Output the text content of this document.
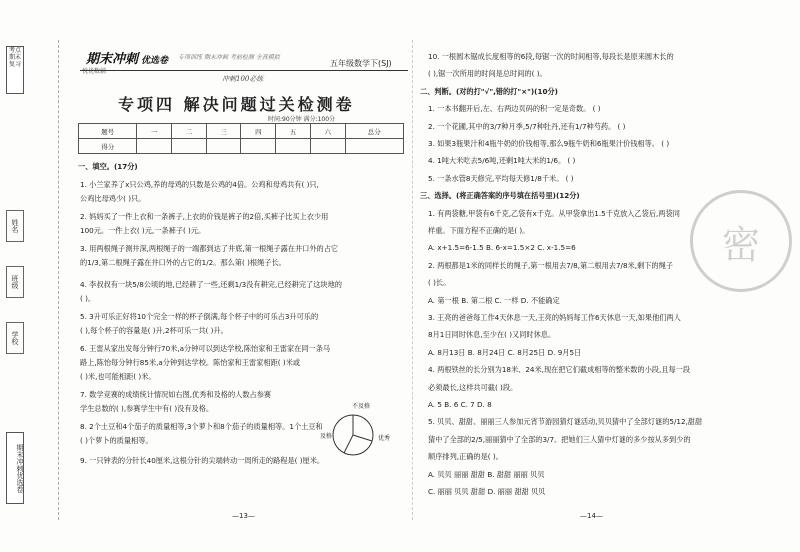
考点期末复习
姓名
班级
学校
期末冲刺优选卷
期末冲刺 优选卷
悦优数辅
专项训练 期末冲刺 考前检测 全真模拟
五年级数学下(SJ)
冲刺100必练
专项四 解决问题过关检测卷
时间:90分钟 满分:100分
题号	一	二	三	四	五	六	总分
得分							
一、填空。(17分)
1. 小兰家养了x只公鸡,养的母鸡的只数是公鸡的4倍。公鸡和母鸡共有( )只,
公鸡比母鸡少( )只。
2. 妈妈买了一件上衣和一条裤子,上衣的价钱是裤子的2倍,买裤子比买上衣少用
100元。一件上衣( )元,一条裤子( )元。
3. 用两根绳子测井深,两根绳子的一端都到达了井底,第一根绳子露在井口外的占它
的1/3,第二根绳子露在井口外的占它的1/2。那么第( )根绳子长。
4. 李叔叔有一块5/8公顷的地,已经耕了一些,还剩1/3没有耕完,已经耕完了这块地的
( )。
5. 3升可乐正好将10个完全一样的杯子倒满,每个杯子中的可乐占3升可乐的
( ),每个杯子的容量是( )升,2杯可乐一共( )升。
6. 王雷从家出发每分钟行70米,a分钟可以到达学校,陈怡家和王雷家在同一条马
路上,陈怡每分钟行85米,a分钟到达学校。陈怡家和王雷家相距( )米或
( )米,也可能相距( )米。
7. 数学竞赛的成绩统计情况如右图,优秀和及格的人数占参赛
学生总数的( ),参赛学生中有( )没有及格。
8. 2个土豆和4个茄子的质量相等,3个萝卜和8个茄子的质量相等。1个土豆和
( )个萝卜的质量相等。
9. 一只钟表的分针长40厘米,这根分针的尖端转动一周所走的路程是( )厘米。
不及格
及格	优秀
—13—
10. 一根圆木锯成长度相等的6段,每锯一次的时间相等,每段长是原来圆木长的
( ),锯一次所用的时间是总时间的( )。
二、判断。(对的打"√",错的打"×")(10分)
1. 一本书翻开后,左、右两边页码的积一定是奇数。 ( )
2. 一个花圃,其中的3/7种月季,5/7种牡丹,还有1/7种芍药。 ( )
3. 如果3瓶果汁和4瓶牛奶的价钱相等,那么9瓶牛奶和6瓶果汁价钱相等。 ( )
4. 1吨大米吃去5/6吨,还剩1吨大米的1/6。 ( )
5. 一条水管8天修完,平均每天修1/8千米。 ( )
三、选择。(将正确答案的序号填在括号里)(12分)
1. 有两袋糖,甲袋有6千克,乙袋有x千克。从甲袋拿出1.5千克放入乙袋后,两袋同
样重。下面方程不正确的是( )。
A. x+1.5=6-1.5 B. 6-x=1.5×2 C. x-1.5=6
2. 两根都是1米的同样长的绳子,第一根用去7/8,第二根用去7/8米,剩下的绳子
( )长。
A. 第一根 B. 第二根 C. 一样 D. 不能确定
3. 王亮的爸爸每工作4天休息一天,王亮的妈妈每工作6天休息一天,如果他们两人
8月1日同时休息,至少在( )又同时休息。
A. 8月13日 B. 8月24日 C. 8月25日 D. 9月5日
4. 两根铁丝的长分别为18米、24米,现在把它们截成相等的整米数的小段,且每一段
必须最长,这样共可截( )段。
A. 5 B. 6 C. 7 D. 8
5. 贝贝、甜甜、丽丽三人参加元宵节游园猜灯谜活动,贝贝猜中了全部灯谜的5/12,甜甜
猜中了全部的2/5,丽丽猜中了全部的3/7。把她们三人猜中灯谜的多少按从多到少的
顺序排列,正确的是( )。
A. 贝贝 丽丽 甜甜 B. 甜甜 丽丽 贝贝
C. 丽丽 贝贝 甜甜 D. 丽丽 甜甜 贝贝
—14—
密
